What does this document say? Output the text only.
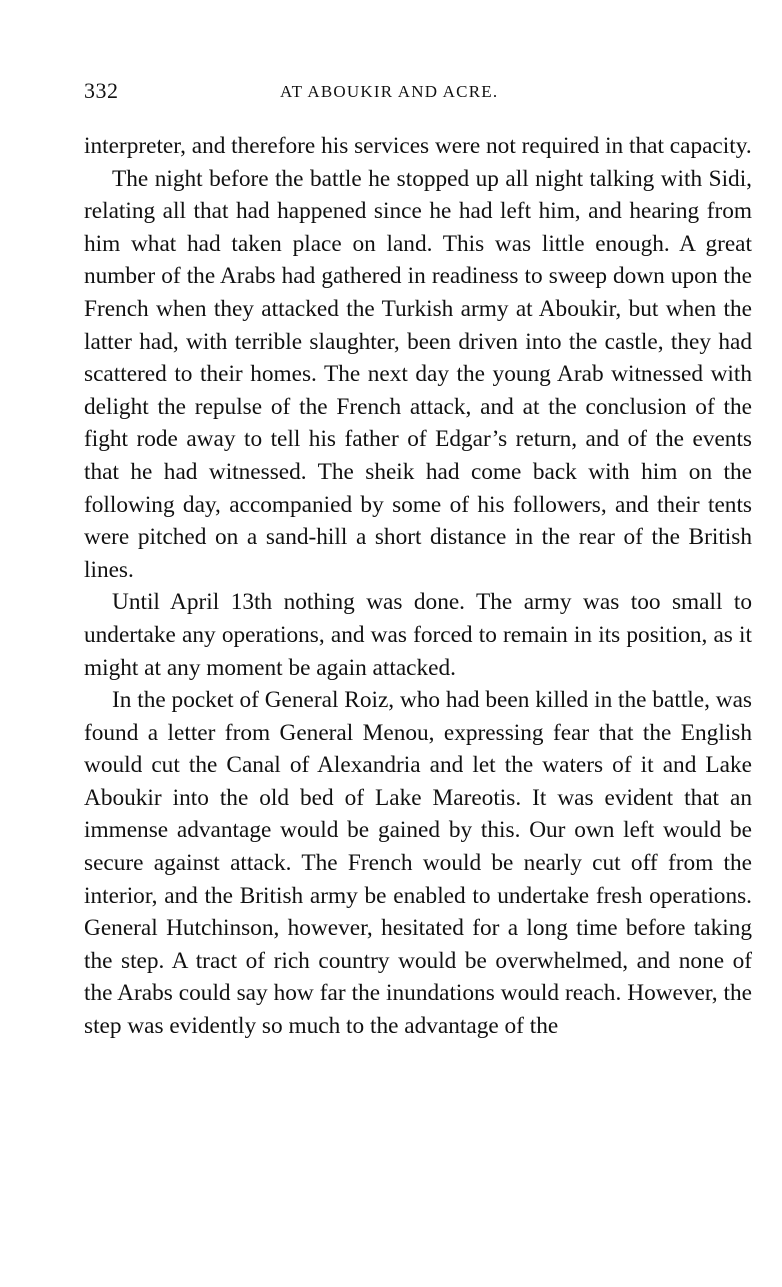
332	AT ABOUKIR AND ACRE.

interpreter, and therefore his services were not required in that capacity.

The night before the battle he stopped up all night talking with Sidi, relating all that had happened since he had left him, and hearing from him what had taken place on land. This was little enough. A great number of the Arabs had gathered in readiness to sweep down upon the French when they attacked the Turkish army at Aboukir, but when the latter had, with terrible slaughter, been driven into the castle, they had scattered to their homes. The next day the young Arab witnessed with delight the repulse of the French attack, and at the conclusion of the fight rode away to tell his father of Edgar’s return, and of the events that he had witnessed. The sheik had come back with him on the following day, accompanied by some of his followers, and their tents were pitched on a sand-hill a short distance in the rear of the British lines.

Until April 13th nothing was done. The army was too small to undertake any operations, and was forced to remain in its position, as it might at any moment be again attacked.

In the pocket of General Roiz, who had been killed in the battle, was found a letter from General Menou, expressing fear that the English would cut the Canal of Alexandria and let the waters of it and Lake Aboukir into the old bed of Lake Mareotis. It was evident that an immense advantage would be gained by this. Our own left would be secure against attack. The French would be nearly cut off from the interior, and the British army be enabled to undertake fresh operations. General Hutchinson, however, hesitated for a long time before taking the step. A tract of rich country would be overwhelmed, and none of the Arabs could say how far the inundations would reach. However, the step was evidently so much to the advantage of the
